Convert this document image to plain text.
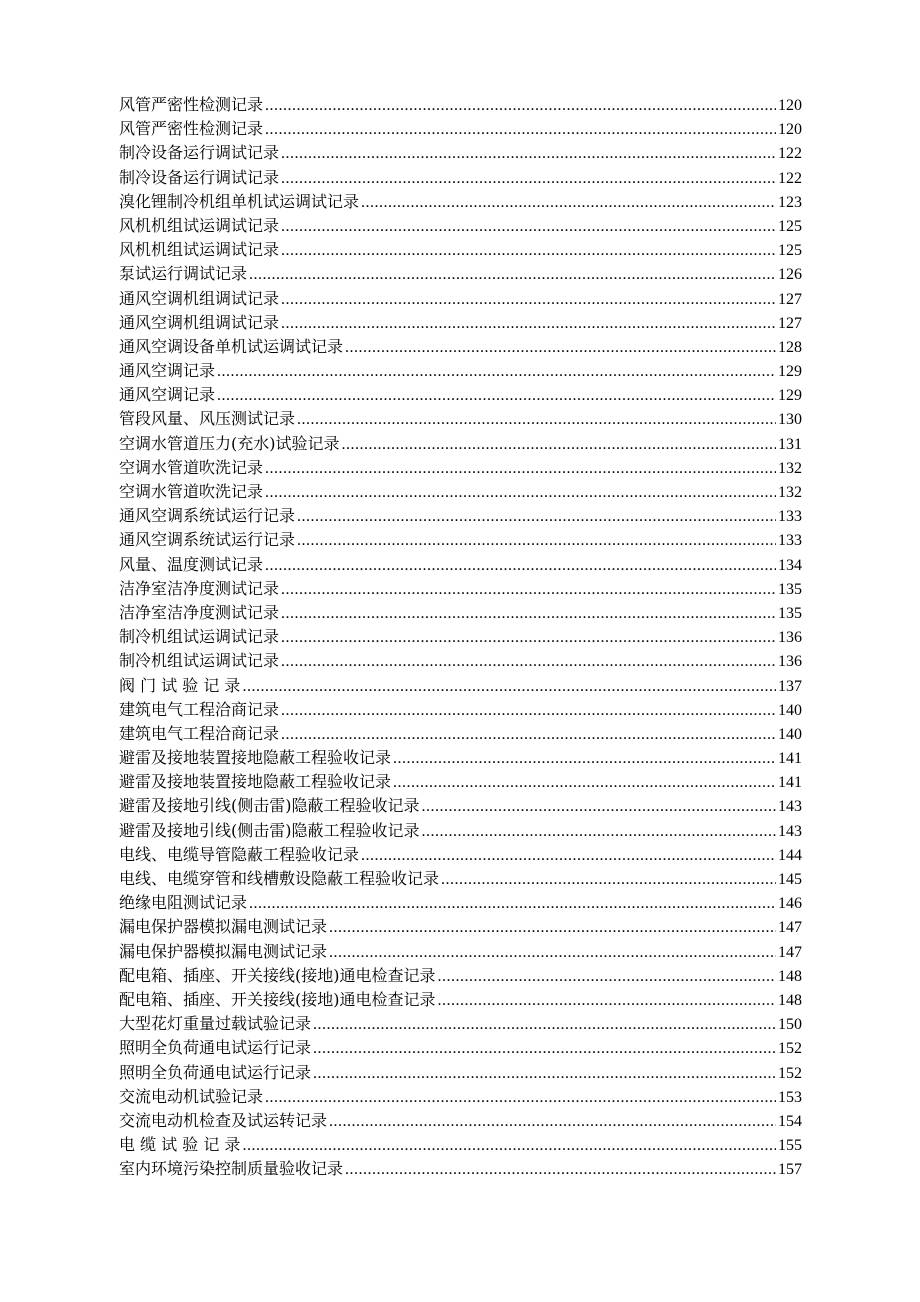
风管严密性检测记录 .....	120
风管严密性检测记录 .....	120
制冷设备运行调试记录 .....	122
制冷设备运行调试记录 .....	122
溴化锂制冷机组单机试运调试记录 .....	123
风机机组试运调试记录 .....	125
风机机组试运调试记录 .....	125
泵试运行调试记录 .....	126
通风空调机组调试记录 .....	127
通风空调机组调试记录 .....	127
通风空调设备单机试运调试记录 .....	128
通风空调记录 .....	129
通风空调记录 .....	129
管段风量、风压测试记录 .....	130
空调水管道压力(充水)试验记录 .....	131
空调水管道吹洗记录 .....	132
空调水管道吹洗记录 .....	132
通风空调系统试运行记录 .....	133
通风空调系统试运行记录 .....	133
风量、温度测试记录 .....	134
洁净室洁净度测试记录 .....	135
洁净室洁净度测试记录 .....	135
制冷机组试运调试记录 .....	136
制冷机组试运调试记录 .....	136
阀 门 试 验 记 录 .....	137
建筑电气工程洽商记录 .....	140
建筑电气工程洽商记录 .....	140
避雷及接地装置接地隐蔽工程验收记录 .....	141
避雷及接地装置接地隐蔽工程验收记录 .....	141
避雷及接地引线(侧击雷)隐蔽工程验收记录 .....	143
避雷及接地引线(侧击雷)隐蔽工程验收记录 .....	143
电线、电缆导管隐蔽工程验收记录 .....	144
电线、电缆穿管和线槽敷设隐蔽工程验收记录 .....	145
绝缘电阻测试记录 .....	146
漏电保护器模拟漏电测试记录 .....	147
漏电保护器模拟漏电测试记录 .....	147
配电箱、插座、开关接线(接地)通电检查记录 .....	148
配电箱、插座、开关接线(接地)通电检查记录 .....	148
大型花灯重量过载试验记录 .....	150
照明全负荷通电试运行记录 .....	152
照明全负荷通电试运行记录 .....	152
交流电动机试验记录 .....	153
交流电动机检查及试运转记录 .....	154
电 缆 试 验 记 录 .....	155
室内环境污染控制质量验收记录 .....	157
